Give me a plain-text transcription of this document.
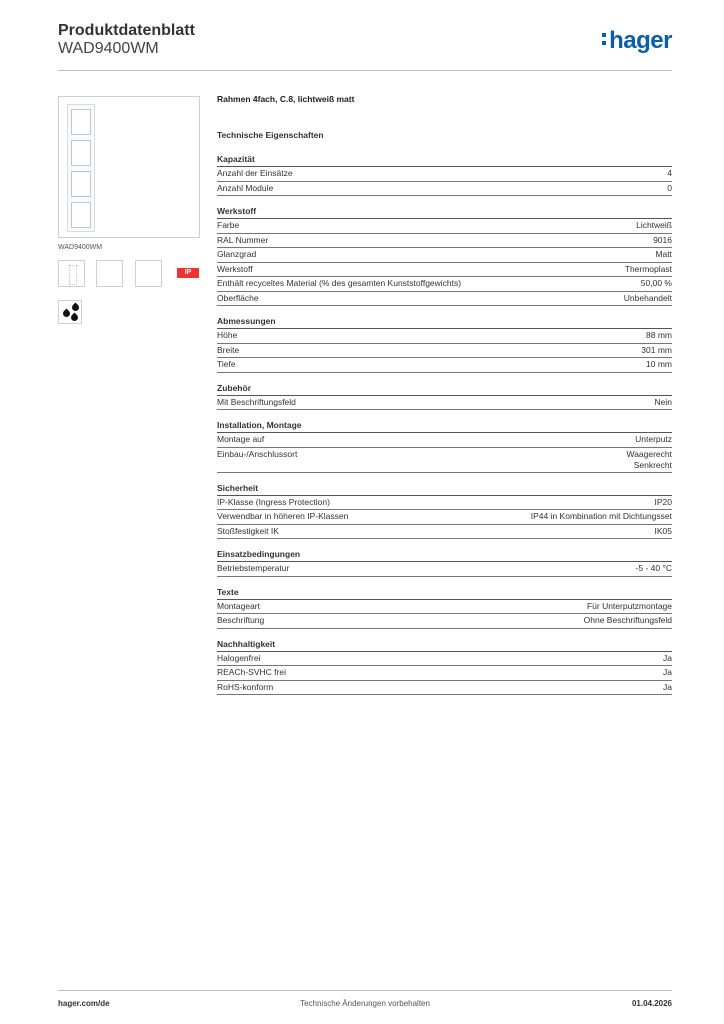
Produktdatenblatt
WAD9400WM	hager
WAD9400WM
IP
Rahmen 4fach, C.8, lichtweiß matt
Technische Eigenschaften
Kapazität
Anzahl der Einsätze	4
Anzahl Module	0
Werkstoff
Farbe	Lichtweiß
RAL Nummer	9016
Glanzgrad	Matt
Werkstoff	Thermoplast
Enthält recyceltes Material (% des gesamten Kunststoffgewichts)	50,00 %
Oberfläche	Unbehandelt
Abmessungen
Höhe	88 mm
Breite	301 mm
Tiefe	10 mm
Zubehör
Mit Beschriftungsfeld	Nein
Installation, Montage
Montage auf	Unterputz
Einbau-/Anschlussort	Waagerecht
Senkrecht
Sicherheit
IP-Klasse (Ingress Protection)	IP20
Verwendbar in höheren IP-Klassen	IP44 in Kombination mit Dichtungsset
Stoßfestigkeit IK	IK05
Einsatzbedingungen
Betriebstemperatur	-5 - 40 °C
Texte
Montageart	Für Unterputzmontage
Beschriftung	Ohne Beschriftungsfeld
Nachhaltigkeit
Halogenfrei	Ja
REACh-SVHC frei	Ja
RoHS-konform	Ja
hager.com/de	Technische Änderungen vorbehalten	01.04.2026
